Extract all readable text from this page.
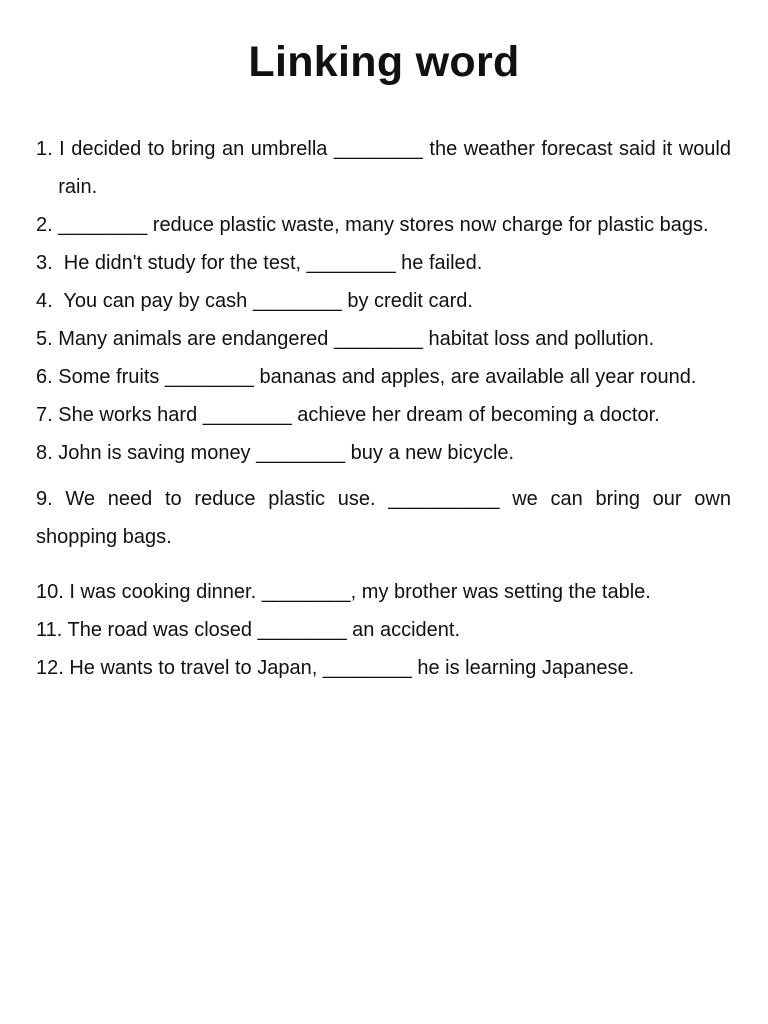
Linking word
1. I decided to bring an umbrella ________ the weather forecast said it would     rain.
2. ________ reduce plastic waste, many stores now charge for plastic bags.
3.  He didn't study for the test, ________ he failed.
4.  You can pay by cash ________ by credit card.
5. Many animals are endangered ________ habitat loss and pollution.
6. Some fruits ________ bananas and apples, are available all year round.
7. She works hard ________ achieve her dream of becoming a doctor.
8. John is saving money ________ buy a new bicycle.
9. We need to reduce plastic use. __________ we can bring our own shopping bags.
10. I was cooking dinner. ________, my brother was setting the table.
11. The road was closed ________ an accident.
12. He wants to travel to Japan, ________ he is learning Japanese.
